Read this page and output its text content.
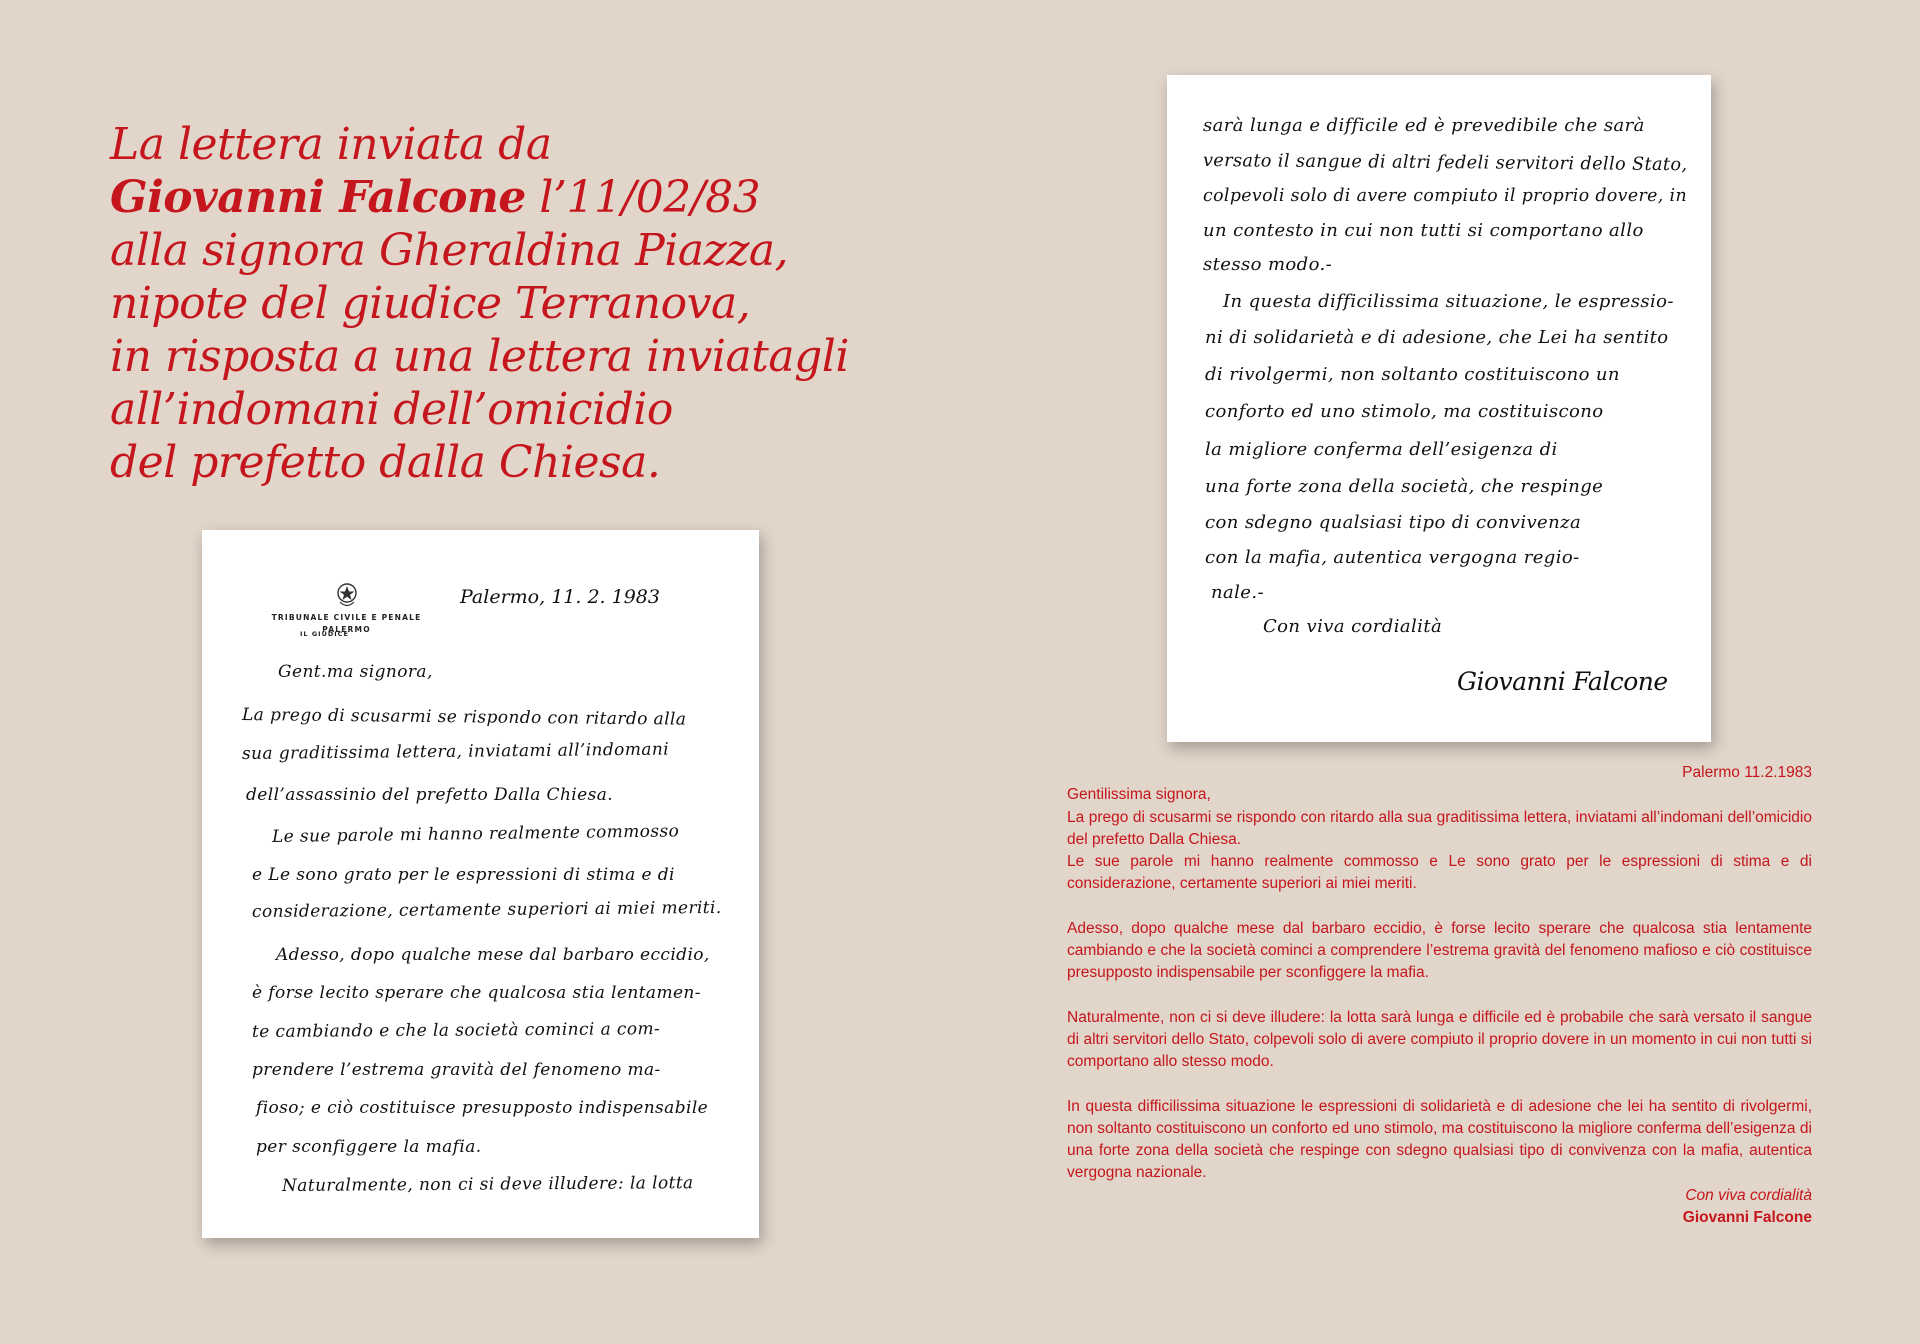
La lettera inviata da
Giovanni Falcone l’11/02/83
alla signora Gheraldina Piazza,
nipote del giudice Terranova,
in risposta a una lettera inviatagli
all’indomani dell’omicidio
del prefetto dalla Chiesa.
TRIBUNALE CIVILE E PENALE
PALERMO
IL GIUDICE
Palermo, 11. 2. 1983
Gent.ma signora,
La prego di scusarmi se rispondo con ritardo alla
sua graditissima lettera, inviatami all’indomani
dell’assassinio del prefetto Dalla Chiesa.
Le sue parole mi hanno realmente commosso
e Le sono grato per le espressioni di stima e di
considerazione, certamente superiori ai miei meriti.
Adesso, dopo qualche mese dal barbaro eccidio,
è forse lecito sperare che qualcosa stia lentamen-
te cambiando e che la società cominci a com-
prendere l’estrema gravità del fenomeno ma-
fioso; e ciò costituisce presupposto indispensabile
per sconfiggere la mafia.
Naturalmente, non ci si deve illudere: la lotta
sarà lunga e difficile ed è prevedibile che sarà
versato il sangue di altri fedeli servitori dello Stato,
colpevoli solo di avere compiuto il proprio dovere, in
un contesto in cui non tutti si comportano allo
stesso modo.-
In questa difficilissima situazione, le espressio-
ni di solidarietà e di adesione, che Lei ha sentito
di rivolgermi, non soltanto costituiscono un
conforto ed uno stimolo, ma costituiscono
la migliore conferma dell’esigenza di
una forte zona della società, che respinge
con sdegno qualsiasi tipo di convivenza
con la mafia, autentica vergogna regio-
nale.-
Con viva cordialità
Giovanni Falcone
Palermo 11.2.1983
Gentilissima signora,

La prego di scusarmi se rispondo con ritardo alla sua graditissima lettera, inviatami all’indomani dell’omicidio del prefetto Dalla Chiesa.

Le sue parole mi hanno realmente commosso e Le sono grato per le espressioni di stima e di considerazione, certamente superiori ai miei meriti.

Adesso, dopo qualche mese dal barbaro eccidio, è forse lecito sperare che qualcosa stia lentamente cambiando e che la società cominci a comprendere l’estrema gravità del fenomeno mafioso e ciò costituisce presupposto indispensabile per sconfiggere la mafia.

Naturalmente, non ci si deve illudere: la lotta sarà lunga e difficile ed è probabile che sarà versato il sangue di altri servitori dello Stato, colpevoli solo di avere compiuto il proprio dovere in un momento in cui non tutti si comportano allo stesso modo.

In questa difficilissima situazione le espressioni di solidarietà e di adesione che lei ha sentito di rivolgermi, non soltanto costituiscono un conforto ed uno stimolo, ma costituiscono la migliore conferma dell’esigenza di una forte zona della società che respinge con sdegno qualsiasi tipo di convivenza con la mafia, autentica vergogna nazionale.

Con viva cordialità
Giovanni Falcone
